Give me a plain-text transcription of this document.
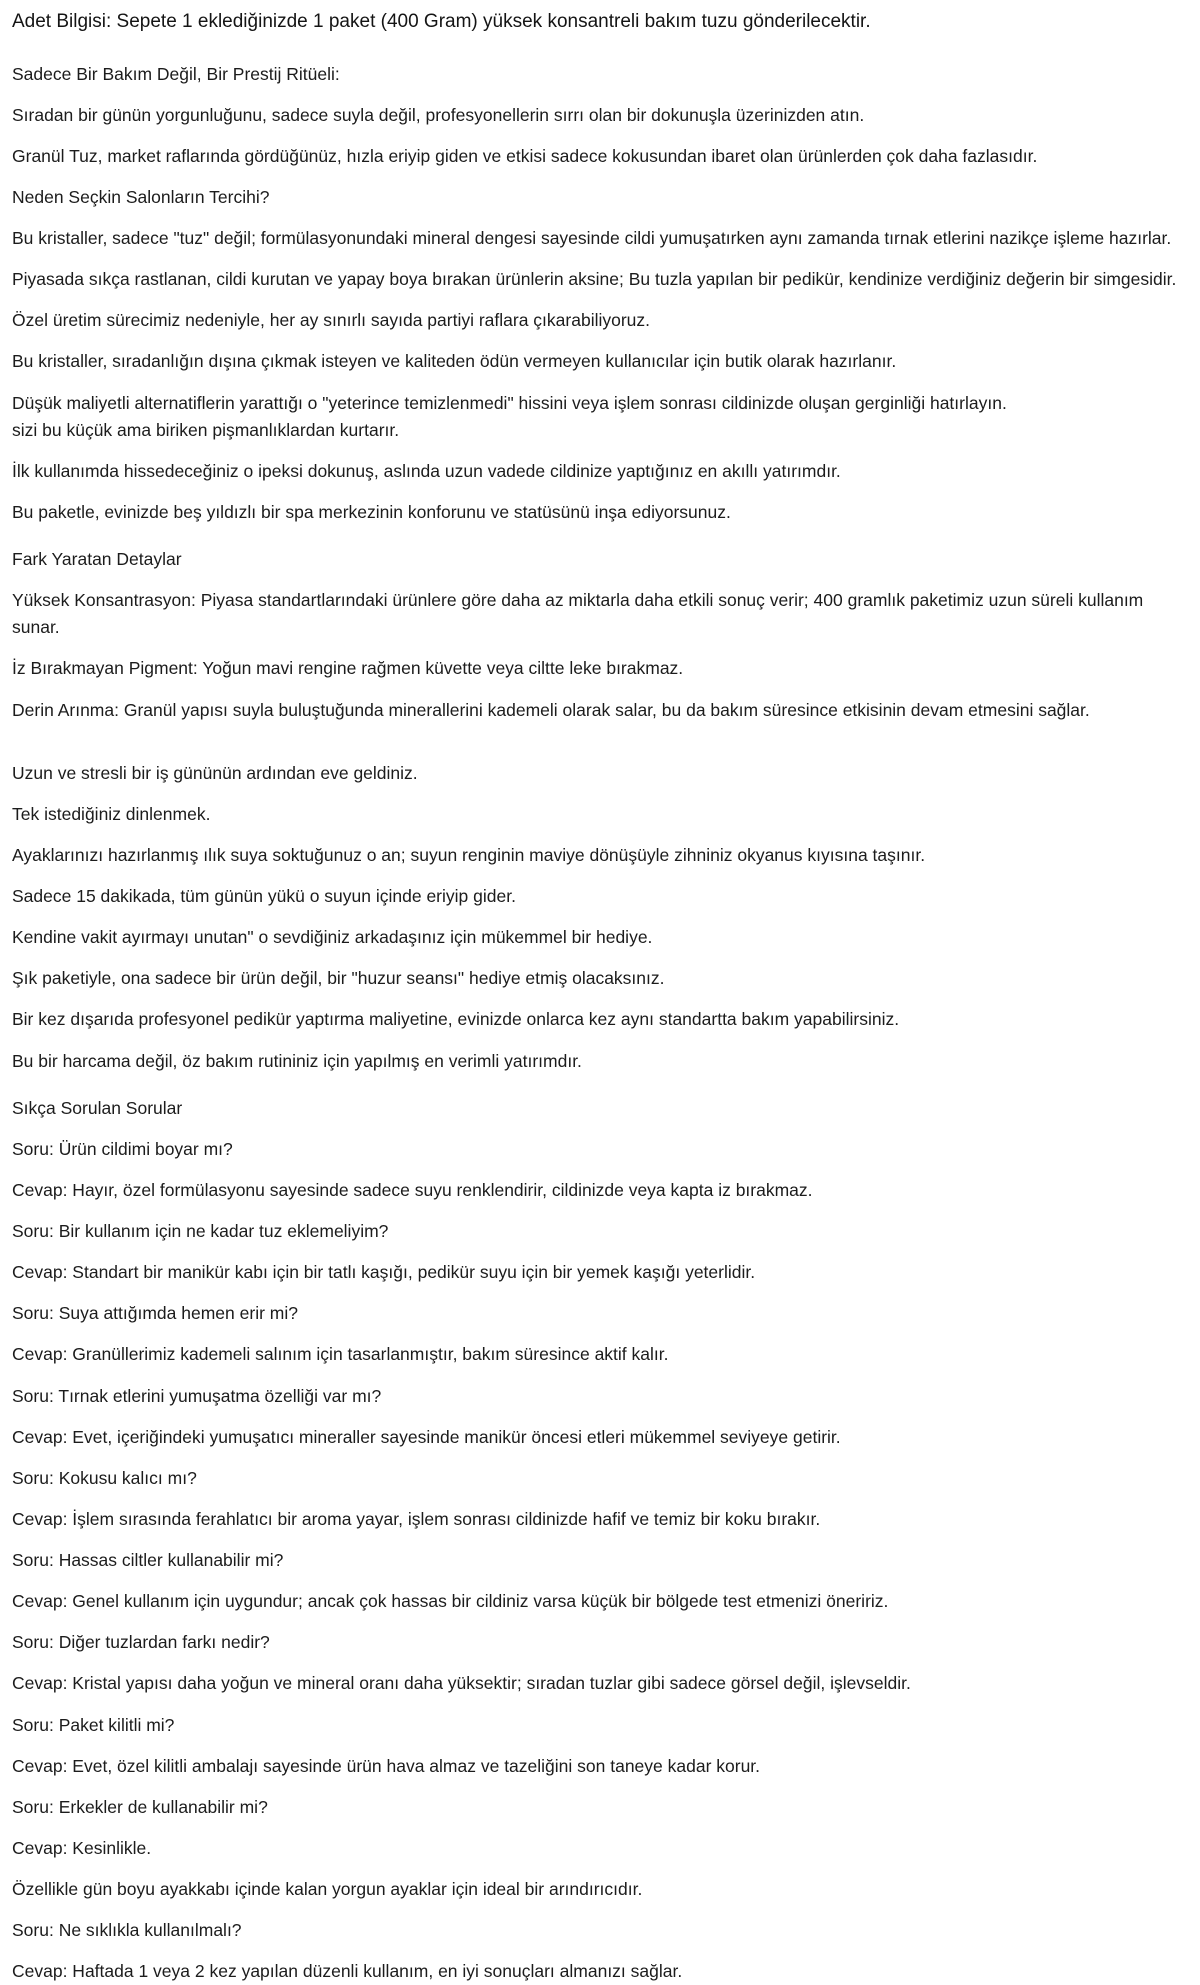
Adet Bilgisi: Sepete 1 eklediğinizde 1 paket (400 Gram) yüksek konsantreli bakım tuzu gönderilecektir.

Sadece Bir Bakım Değil, Bir Prestij Ritüeli:

Sıradan bir günün yorgunluğunu, sadece suyla değil, profesyonellerin sırrı olan bir dokunuşla üzerinizden atın.

Granül Tuz, market raflarında gördüğünüz, hızla eriyip giden ve etkisi sadece kokusundan ibaret olan ürünlerden çok daha fazlasıdır.

Neden Seçkin Salonların Tercihi?

Bu kristaller, sadece "tuz" değil; formülasyonundaki mineral dengesi sayesinde cildi yumuşatırken aynı zamanda tırnak etlerini nazikçe işleme hazırlar.

Piyasada sıkça rastlanan, cildi kurutan ve yapay boya bırakan ürünlerin aksine; Bu tuzla yapılan bir pedikür, kendinize verdiğiniz değerin bir simgesidir.

Özel üretim sürecimiz nedeniyle, her ay sınırlı sayıda partiyi raflara çıkarabiliyoruz.

Bu kristaller, sıradanlığın dışına çıkmak isteyen ve kaliteden ödün vermeyen kullanıcılar için butik olarak hazırlanır.

Düşük maliyetli alternatiflerin yarattığı o "yeterince temizlenmedi" hissini veya işlem sonrası cildinizde oluşan gerginliği hatırlayın.

sizi bu küçük ama biriken pişmanlıklardan kurtarır.

İlk kullanımda hissedeceğiniz o ipeksi dokunuş, aslında uzun vadede cildinize yaptığınız en akıllı yatırımdır.

Bu paketle, evinizde beş yıldızlı bir spa merkezinin konforunu ve statüsünü inşa ediyorsunuz.

Fark Yaratan Detaylar

Yüksek Konsantrasyon: Piyasa standartlarındaki ürünlere göre daha az miktarla daha etkili sonuç verir; 400 gramlık paketimiz uzun süreli kullanım sunar.

İz Bırakmayan Pigment: Yoğun mavi rengine rağmen küvette veya ciltte leke bırakmaz.

Derin Arınma: Granül yapısı suyla buluştuğunda minerallerini kademeli olarak salar, bu da bakım süresince etkisinin devam etmesini sağlar.

Uzun ve stresli bir iş gününün ardından eve geldiniz.

Tek istediğiniz dinlenmek.

Ayaklarınızı hazırlanmış ılık suya soktuğunuz o an; suyun renginin maviye dönüşüyle zihniniz okyanus kıyısına taşınır.

Sadece 15 dakikada, tüm günün yükü o suyun içinde eriyip gider.

Kendine vakit ayırmayı unutan" o sevdiğiniz arkadaşınız için mükemmel bir hediye.

Şık paketiyle, ona sadece bir ürün değil, bir "huzur seansı" hediye etmiş olacaksınız.

Bir kez dışarıda profesyonel pedikür yaptırma maliyetine, evinizde onlarca kez aynı standartta bakım yapabilirsiniz.

Bu bir harcama değil, öz bakım rutininiz için yapılmış en verimli yatırımdır.

Sıkça Sorulan Sorular

Soru: Ürün cildimi boyar mı?

Cevap: Hayır, özel formülasyonu sayesinde sadece suyu renklendirir, cildinizde veya kapta iz bırakmaz.

Soru: Bir kullanım için ne kadar tuz eklemeliyim?

Cevap: Standart bir manikür kabı için bir tatlı kaşığı, pedikür suyu için bir yemek kaşığı yeterlidir.

Soru: Suya attığımda hemen erir mi?

Cevap: Granüllerimiz kademeli salınım için tasarlanmıştır, bakım süresince aktif kalır.

Soru: Tırnak etlerini yumuşatma özelliği var mı?

Cevap: Evet, içeriğindeki yumuşatıcı mineraller sayesinde manikür öncesi etleri mükemmel seviyeye getirir.

Soru: Kokusu kalıcı mı?

Cevap: İşlem sırasında ferahlatıcı bir aroma yayar, işlem sonrası cildinizde hafif ve temiz bir koku bırakır.

Soru: Hassas ciltler kullanabilir mi?

Cevap: Genel kullanım için uygundur; ancak çok hassas bir cildiniz varsa küçük bir bölgede test etmenizi öneririz.

Soru: Diğer tuzlardan farkı nedir?

Cevap: Kristal yapısı daha yoğun ve mineral oranı daha yüksektir; sıradan tuzlar gibi sadece görsel değil, işlevseldir.

Soru: Paket kilitli mi?

Cevap: Evet, özel kilitli ambalajı sayesinde ürün hava almaz ve tazeliğini son taneye kadar korur.

Soru: Erkekler de kullanabilir mi?

Cevap: Kesinlikle.

Özellikle gün boyu ayakkabı içinde kalan yorgun ayaklar için ideal bir arındırıcıdır.

Soru: Ne sıklıkla kullanılmalı?

Cevap: Haftada 1 veya 2 kez yapılan düzenli kullanım, en iyi sonuçları almanızı sağlar.
